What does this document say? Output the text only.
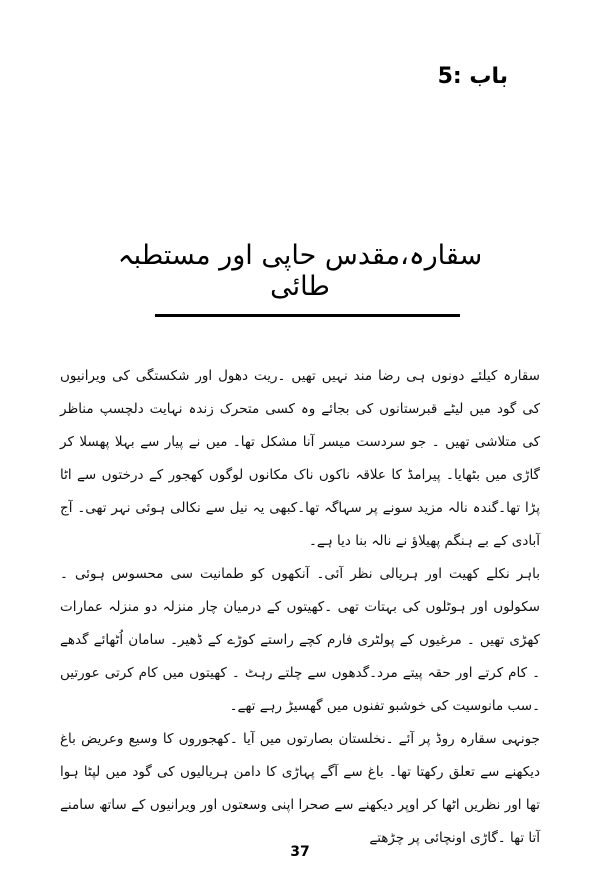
باب :5
سقارہ،مقدس حاپی اور مستطبہ طائی

سقارہ کیلئے دونوں ہی رضا مند نہیں تھیں ۔ریت دھول اور شکستگی کی ویرانیوں کی گود میں لیٹے قبرستانوں کی بجائے وہ کسی متحرک زندہ نہایت دلچسپ مناظر کی متلاشی تھیں ۔ جو سردست میسر آنا مشکل تھا۔ میں نے پیار سے بہلا پھسلا کر گاڑی میں بٹھایا۔ پیرامڈ کا علاقہ ناکوں ناک مکانوں لوگوں کھجور کے درختوں سے اٹا پڑا تھا۔گندہ نالہ مزید سونے پر سہاگہ تھا۔کبھی یہ نیل سے نکالی ہوئی نہر تھی۔ آج آبادی کے بے ہنگم پھیلاؤ نے نالہ بنا دیا ہے۔

باہر نکلے کھیت اور ہریالی نظر آئی۔ آنکھوں کو طمانیت سی محسوس ہوئی ۔سکولوں اور ہوٹلوں کی بہتات تھی ۔کھیتوں کے درمیان چار منزلہ دو منزلہ عمارات کھڑی تھیں ۔ مرغیوں کے پولٹری فارم کچے راستے کوڑے کے ڈھیر۔ سامان اُٹھائے گدھے ۔ کام کرتے اور حقہ پیتے مرد۔گدھوں سے چلتے رہٹ ۔ کھیتوں میں کام کرتی عورتیں ۔سب مانوسیت کی خوشبو تفنوں میں گھسیڑ رہے تھے۔

جونہی سقارہ روڈ پر آئے ۔نخلستان بصارتوں میں آیا ۔کھجوروں کا وسیع وعریض باغ دیکھنے سے تعلق رکھتا تھا۔ باغ سے آگے پہاڑی کا دامن ہریالیوں کی گود میں لپٹا ہوا تھا اور نظریں اٹھا کر اوپر دیکھنے سے صحرا اپنی وسعتوں اور ویرانیوں کے ساتھ سامنے آتا تھا ۔گاڑی اونچائی پر چڑھتے

37
